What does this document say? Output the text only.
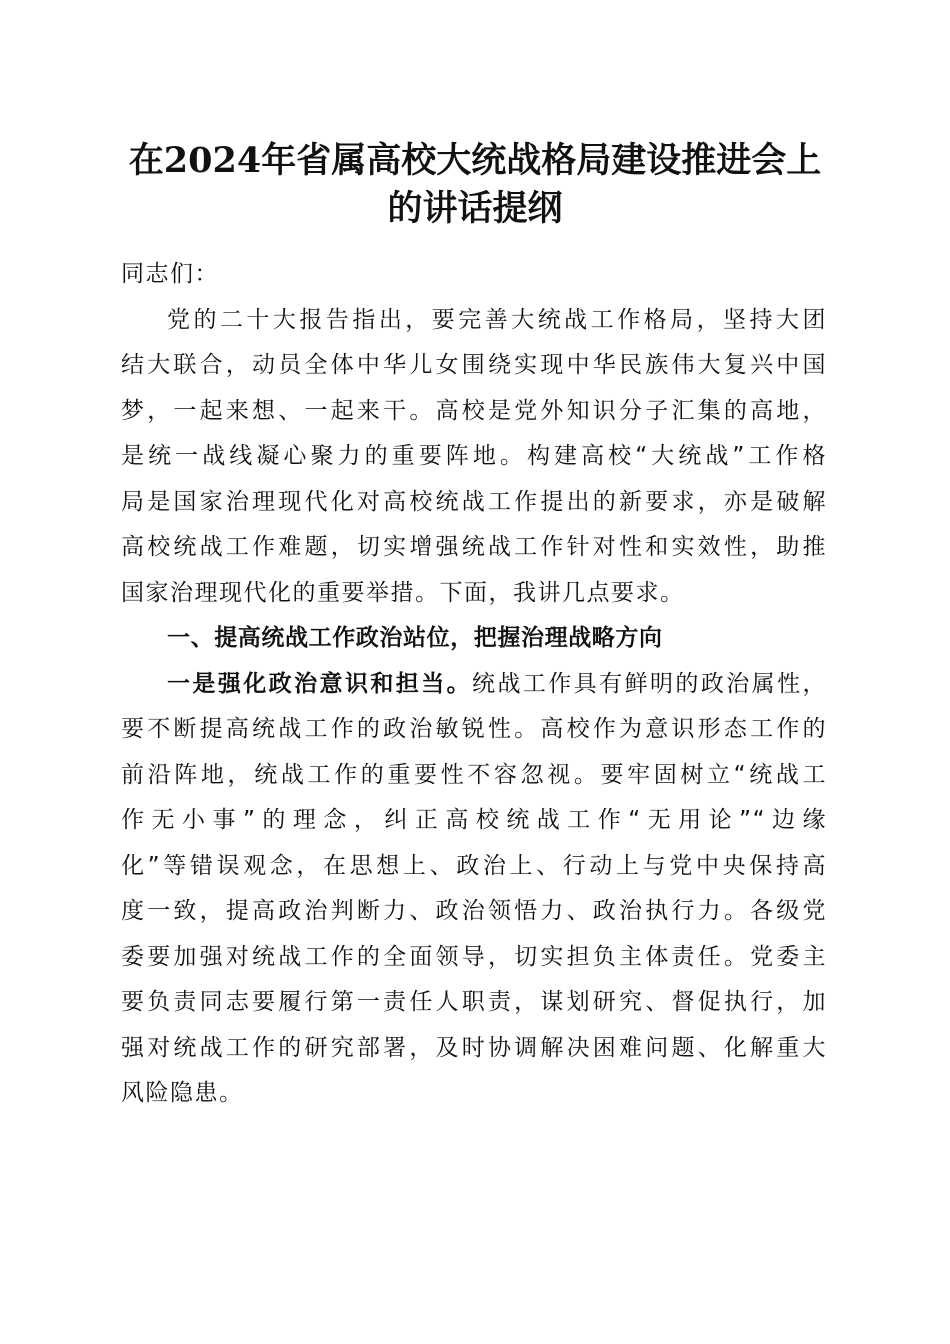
在2024年省属高校大统战格局建设推进会上
的讲话提纲
同志们：
党的二十大报告指出，要完善大统战工作格局，坚持大团
结大联合，动员全体中华儿女围绕实现中华民族伟大复兴中国
梦，一起来想、一起来干。高校是党外知识分子汇集的高地，
是统一战线凝心聚力的重要阵地。构建高校“大统战”工作格
局是国家治理现代化对高校统战工作提出的新要求，亦是破解
高校统战工作难题，切实增强统战工作针对性和实效性，助推
国家治理现代化的重要举措。下面，我讲几点要求。
一、提高统战工作政治站位，把握治理战略方向
一是强化政治意识和担当。统战工作具有鲜明的政治属性，
要不断提高统战工作的政治敏锐性。高校作为意识形态工作的
前沿阵地，统战工作的重要性不容忽视。要牢固树立“统战工
作无小事”的理念，纠正高校统战工作“无用论”“边缘
化”等错误观念，在思想上、政治上、行动上与党中央保持高
度一致，提高政治判断力、政治领悟力、政治执行力。各级党
委要加强对统战工作的全面领导，切实担负主体责任。党委主
要负责同志要履行第一责任人职责，谋划研究、督促执行，加
强对统战工作的研究部署，及时协调解决困难问题、化解重大
风险隐患。
